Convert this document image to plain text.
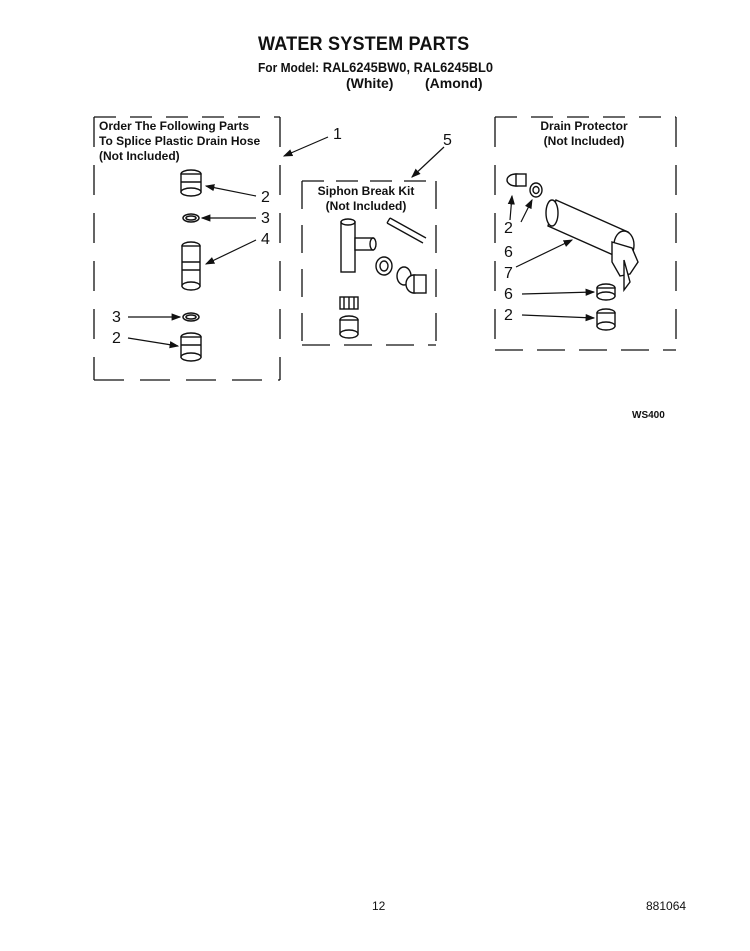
WATER SYSTEM PARTS
For Model: RAL6245BW0, RAL6245BL0
(White) (Amond)
Order The Following Parts
To Splice Plastic Drain Hose
(Not Included)
Siphon Break Kit
(Not Included)
Drain Protector
(Not Included)
1
2
3
4
3
2
5
2
6
7
6
2
WS400
12	881064
